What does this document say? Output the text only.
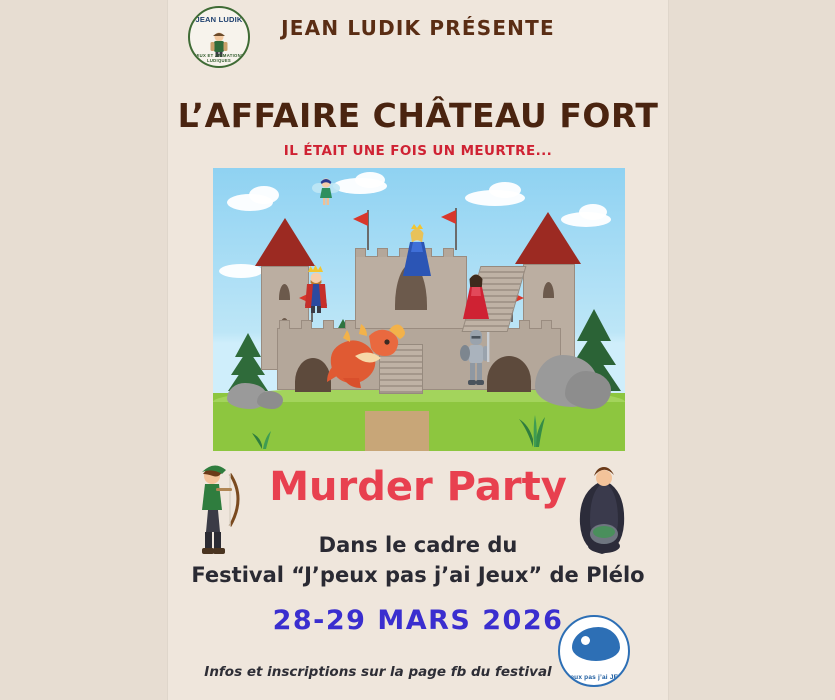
JEAN LUDIK
JEUX ET ANIMATIONS LUDIQUES
JEAN LUDIK PRÉSENTE
L’AFFAIRE CHÂTEAU FORT
IL ÉTAIT UNE FOIS UN MEURTRE...
Murder Party
Dans le cadre du
Festival “J’peux pas j’ai Jeux” de Plélo
28-29 MARS 2026
Infos et inscriptions sur la page fb du festival	J’peux pas j’ai JEUX
